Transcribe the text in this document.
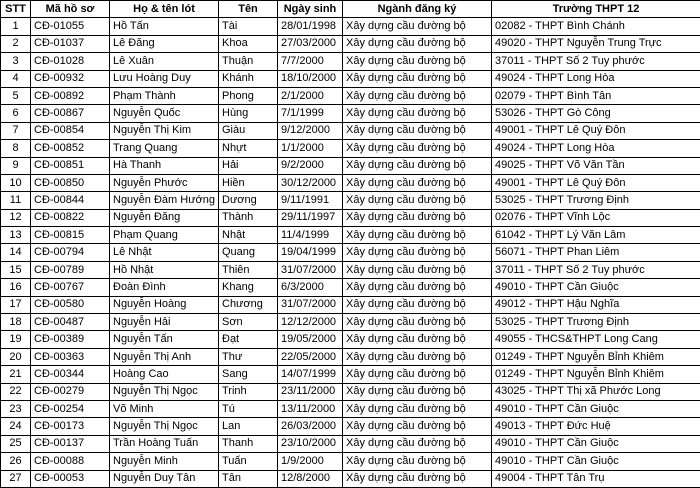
STT	Mã hồ sơ	Họ & tên lót	Tên	Ngày sinh	Ngành đăng ký	Trường THPT 12
1	CĐ-01055	Hồ Tấn	Tài	28/01/1998	Xây dựng cầu đường bộ	02082 - THPT Bình Chánh
2	CĐ-01037	Lê Đăng	Khoa	27/03/2000	Xây dựng cầu đường bộ	49020 - THPT Nguyễn Trung Trực
3	CĐ-01028	Lê Xuân	Thuận	7/7/2000	Xây dựng cầu đường bộ	37011 - THPT Số 2 Tuy phước
4	CĐ-00932	Lưu Hoàng Duy	Khánh	18/10/2000	Xây dựng cầu đường bộ	49024 - THPT Long Hòa
5	CĐ-00892	Phạm Thành	Phong	2/1/2000	Xây dựng cầu đường bộ	02079 - THPT Bình Tân
6	CĐ-00867	Nguyễn Quốc	Hùng	7/1/1999	Xây dựng cầu đường bộ	53026 - THPT Gò Công
7	CĐ-00854	Nguyễn Thị Kim	Giàu	9/12/2000	Xây dựng cầu đường bộ	49001 - THPT Lê Quý Đôn
8	CĐ-00852	Trang Quang	Nhựt	1/1/2000	Xây dựng cầu đường bộ	49024 - THPT Long Hòa
9	CĐ-00851	Hà Thanh	Hải	9/2/2000	Xây dựng cầu đường bộ	49025 - THPT Võ Văn Tần
10	CĐ-00850	Nguyễn Phước	Hiền	30/12/2000	Xây dựng cầu đường bộ	49001 - THPT Lê Quý Đôn
11	CĐ-00844	Nguyễn Đàm Hướng	Dương	9/11/1991	Xây dựng cầu đường bộ	53025 - THPT Trương Định
12	CĐ-00822	Nguyễn Đăng	Thành	29/11/1997	Xây dựng cầu đường bộ	02076 - THPT Vĩnh Lộc
13	CĐ-00815	Phạm Quang	Nhật	11/4/1999	Xây dựng cầu đường bộ	61042 - THPT Lý Văn Lâm
14	CĐ-00794	Lê Nhật	Quang	19/04/1999	Xây dựng cầu đường bộ	56071 - THPT Phan Liêm
15	CĐ-00789	Hồ Nhật	Thiên	31/07/2000	Xây dựng cầu đường bộ	37011 - THPT Số 2 Tuy phước
16	CĐ-00767	Đoàn Đình	Khang	6/3/2000	Xây dựng cầu đường bộ	49010 - THPT Cần Giuộc
17	CĐ-00580	Nguyễn Hoàng	Chương	31/07/2000	Xây dựng cầu đường bộ	49012 - THPT Hậu Nghĩa
18	CĐ-00487	Nguyễn Hải	Sơn	12/12/2000	Xây dựng cầu đường bộ	53025 - THPT Trương Định
19	CĐ-00389	Nguyễn Tấn	Đạt	19/05/2000	Xây dựng cầu đường bộ	49055 - THCS&THPT Long Cang
20	CĐ-00363	Nguyễn Thị Anh	Thư	22/05/2000	Xây dựng cầu đường bộ	01249 - THPT Nguyễn Bỉnh Khiêm
21	CĐ-00344	Hoàng Cao	Sang	14/07/1999	Xây dựng cầu đường bộ	01249 - THPT Nguyễn Bỉnh Khiêm
22	CĐ-00279	Nguyễn Thị Ngọc	Trinh	23/11/2000	Xây dựng cầu đường bộ	43025 - THPT Thị xã Phước Long
23	CĐ-00254	Võ Minh	Tú	13/11/2000	Xây dựng cầu đường bộ	49010 - THPT Cần Giuộc
24	CĐ-00173	Nguyễn Thị Ngọc	Lan	26/03/2000	Xây dựng cầu đường bộ	49013 - THPT Đức Huệ
25	CĐ-00137	Trần Hoàng Tuấn	Thanh	23/10/2000	Xây dựng cầu đường bộ	49010 - THPT Cần Giuộc
26	CĐ-00088	Nguyễn Minh	Tuấn	1/9/2000	Xây dựng cầu đường bộ	49010 - THPT Cần Giuộc
27	CĐ-00053	Nguyễn Duy Tân	Tân	12/8/2000	Xây dựng cầu đường bộ	49004 - THPT Tân Trụ
